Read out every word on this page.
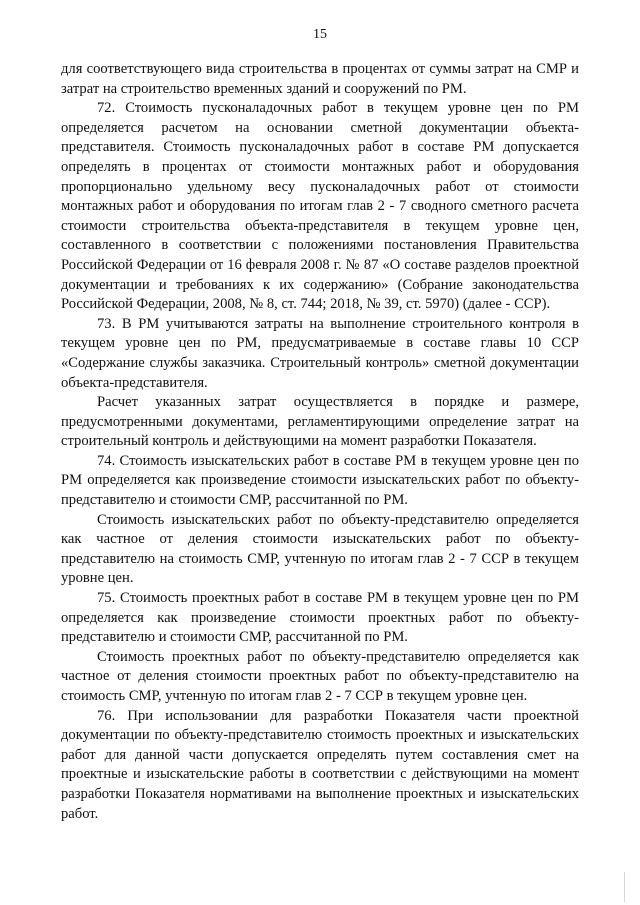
15

для соответствующего вида строительства в процентах от суммы затрат на СМР и затрат на строительство временных зданий и сооружений по РМ.

72. Стоимость пусконаладочных работ в текущем уровне цен по РМ определяется расчетом на основании сметной документации объекта-представителя. Стоимость пусконаладочных работ в составе РМ допускается определять в процентах от стоимости монтажных работ и оборудования пропорционально удельному весу пусконаладочных работ от стоимости монтажных работ и оборудования по итогам глав 2 - 7 сводного сметного расчета стоимости строительства объекта-представителя в текущем уровне цен, составленного в соответствии с положениями постановления Правительства Российской Федерации от 16 февраля 2008 г. № 87 «О составе разделов проектной документации и требованиях к их содержанию» (Собрание законодательства Российской Федерации, 2008, № 8, ст. 744; 2018, № 39, ст. 5970) (далее - ССР).

73. В РМ учитываются затраты на выполнение строительного контроля в текущем уровне цен по РМ, предусматриваемые в составе главы 10 ССР «Содержание службы заказчика. Строительный контроль» сметной документации объекта-представителя.

Расчет указанных затрат осуществляется в порядке и размере, предусмотренными документами, регламентирующими определение затрат на строительный контроль и действующими на момент разработки Показателя.

74. Стоимость изыскательских работ в составе РМ в текущем уровне цен по РМ определяется как произведение стоимости изыскательских работ по объекту-представителю и стоимости СМР, рассчитанной по РМ.

Стоимость изыскательских работ по объекту-представителю определяется как частное от деления стоимости изыскательских работ по объекту-представителю на стоимость СМР, учтенную по итогам глав 2 - 7 ССР в текущем уровне цен.

75. Стоимость проектных работ в составе РМ в текущем уровне цен по РМ определяется как произведение стоимости проектных работ по объекту-представителю и стоимости СМР, рассчитанной по РМ.

Стоимость проектных работ по объекту-представителю определяется как частное от деления стоимости проектных работ по объекту-представителю на стоимость СМР, учтенную по итогам глав 2 - 7 ССР в текущем уровне цен.

76. При использовании для разработки Показателя части проектной документации по объекту-представителю стоимость проектных и изыскательских работ для данной части допускается определять путем составления смет на проектные и изыскательские работы в соответствии с действующими на момент разработки Показателя нормативами на выполнение проектных и изыскательских работ.
